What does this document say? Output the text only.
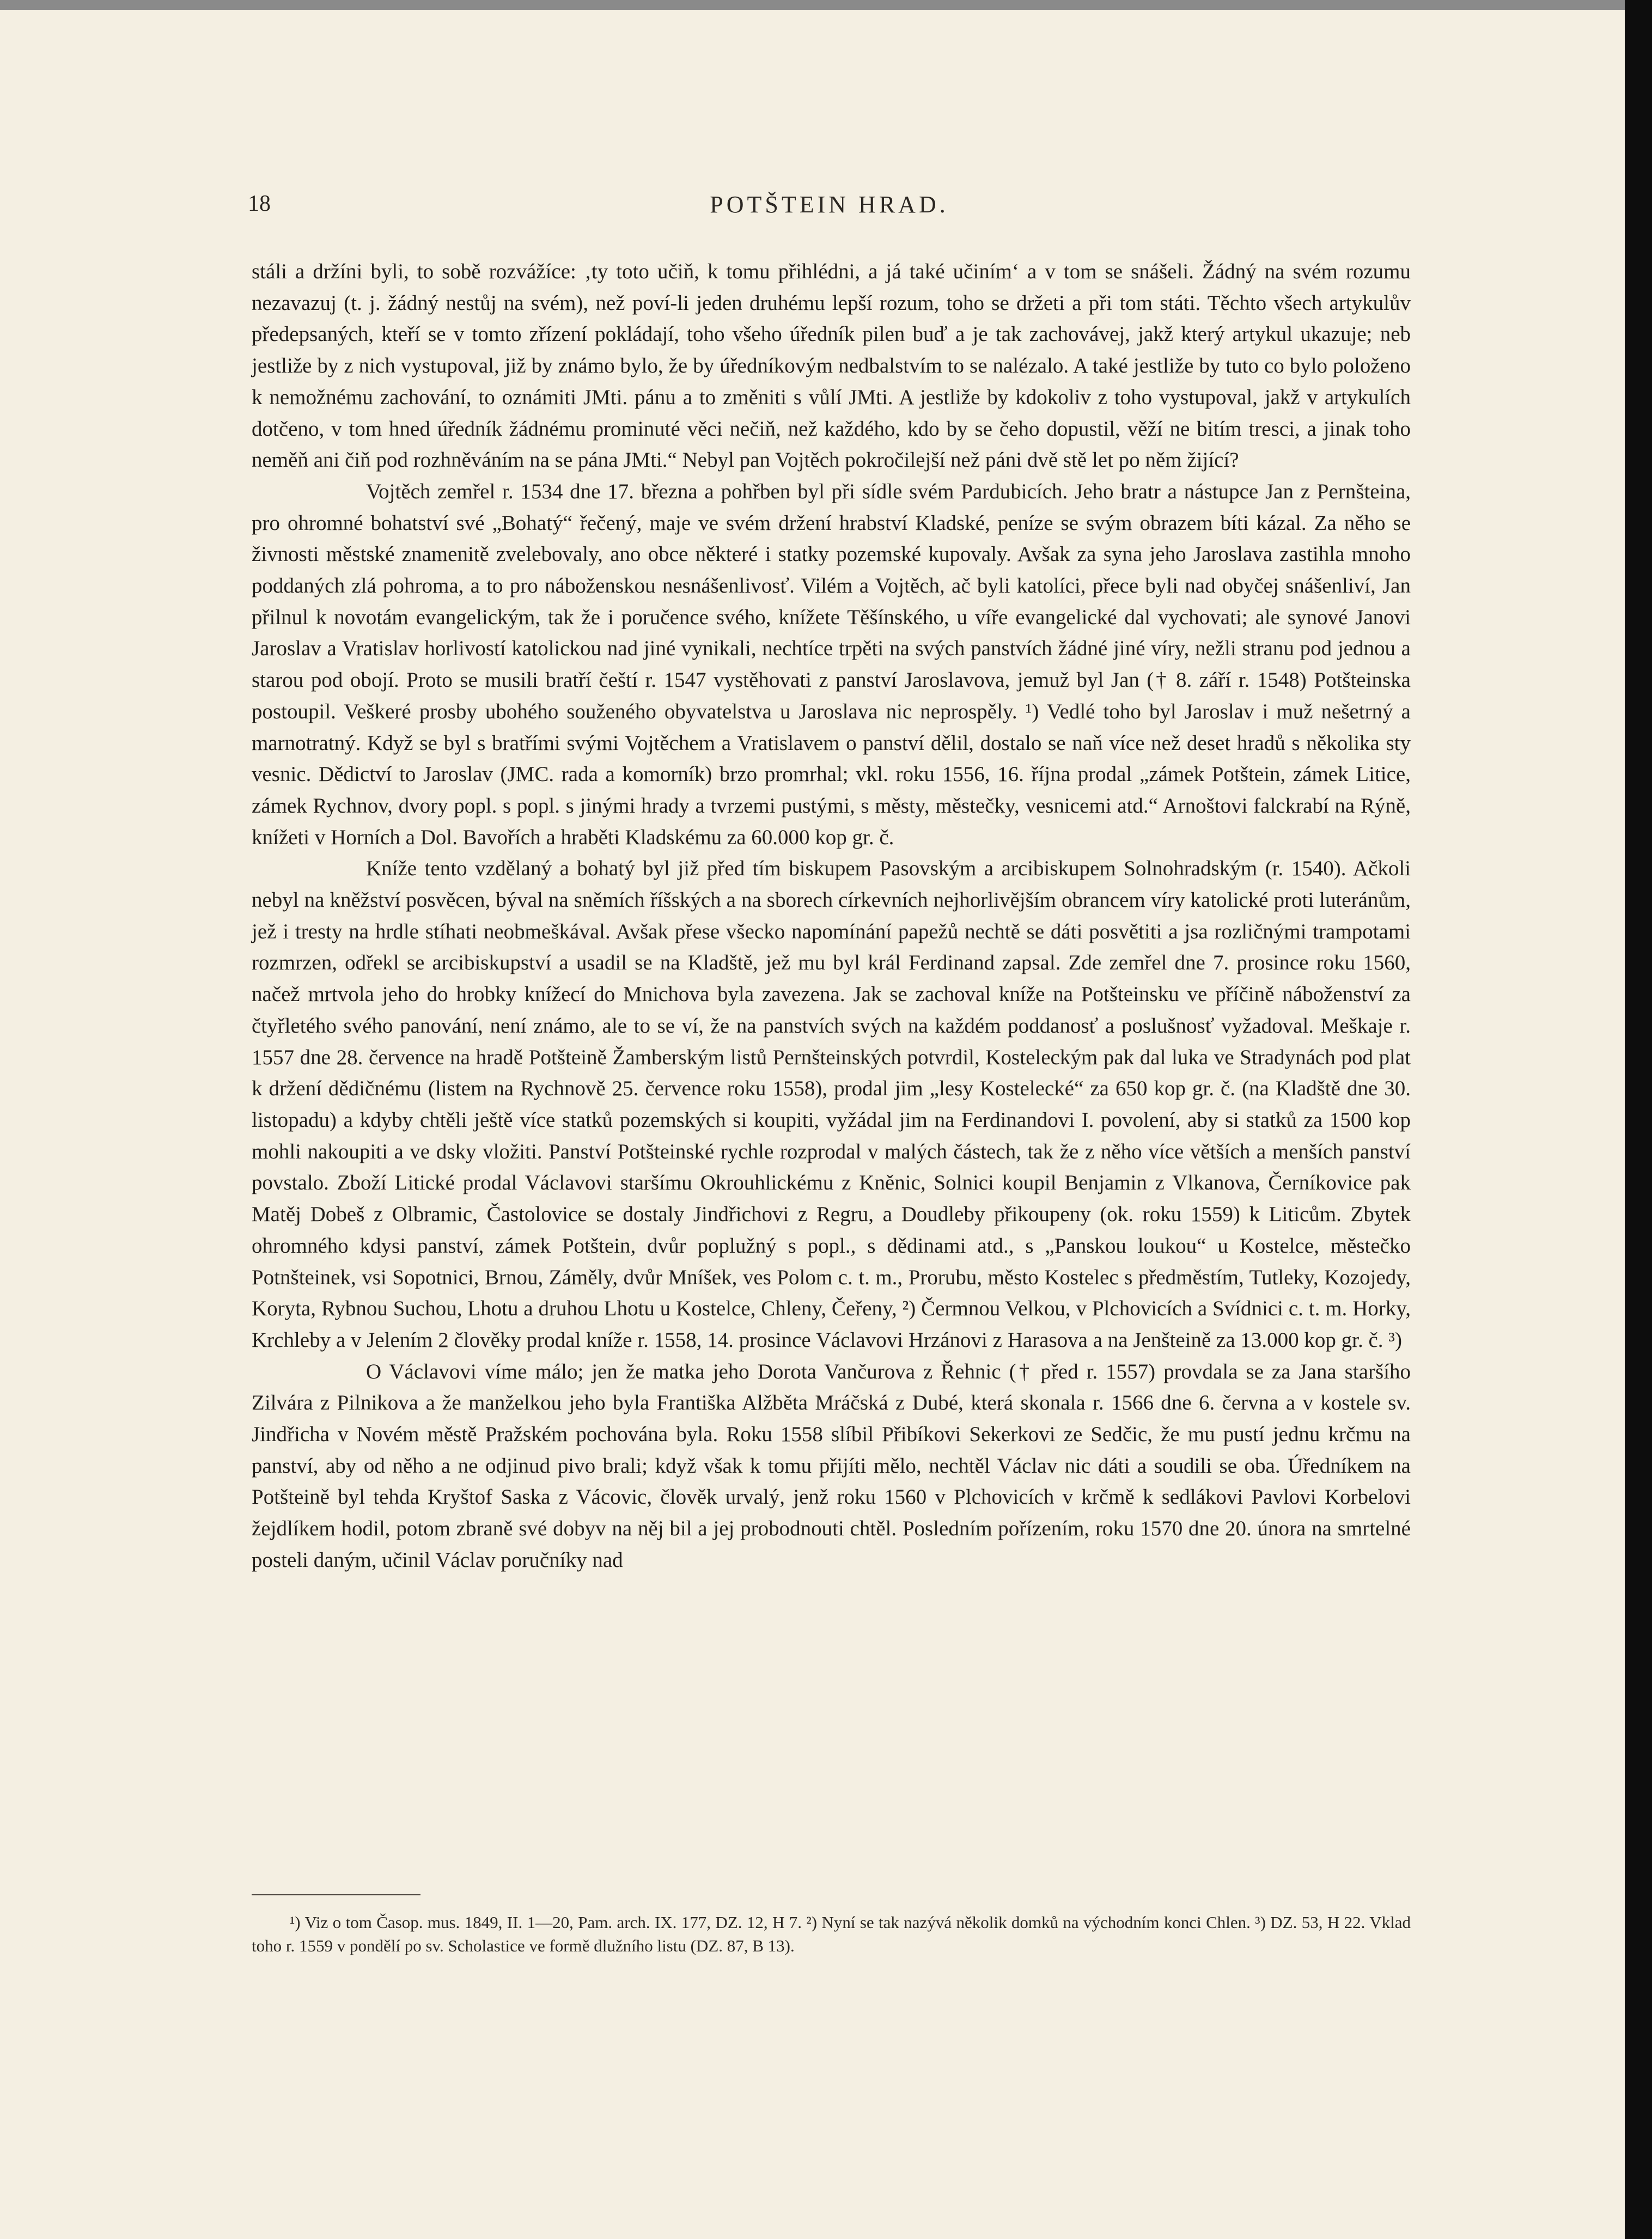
18	POTŠTEIN HRAD.

stáli a držíni byli, to sobě rozvážíce: ‚ty toto učiň, k tomu přihlédni, a já také učiním‘ a v tom se snášeli. Žádný na svém rozumu nezavazuj (t. j. žádný nestůj na svém), než poví-li jeden druhému lepší rozum, toho se držeti a při tom státi. Těchto všech artykulův předepsaných, kteří se v tomto zřízení pokládají, toho všeho úředník pilen buď a je tak zachovávej, jakž který artykul ukazuje; neb jestliže by z nich vystupoval, již by známo bylo, že by úředníkovým nedbalstvím to se nalézalo. A také jestliže by tuto co bylo položeno k nemožnému zachování, to oznámiti JMti. pánu a to změniti s vůlí JMti. A jestliže by kdokoliv z toho vystupoval, jakž v artykulích dotčeno, v tom hned úředník žádnému prominuté věci nečiň, než každého, kdo by se čeho dopustil, věží ne bitím tresci, a jinak toho neměň ani čiň pod rozhněváním na se pána JMti.“ Nebyl pan Vojtěch pokročilejší než páni dvě stě let po něm žijící?

Vojtěch zemřel r. 1534 dne 17. března a pohřben byl při sídle svém Pardubicích. Jeho bratr a nástupce Jan z Pernšteina, pro ohromné bohatství své „Bohatý“ řečený, maje ve svém držení hrabství Kladské, peníze se svým obrazem bíti kázal. Za něho se živnosti městské znamenitě zvelebovaly, ano obce některé i statky pozemské kupovaly. Avšak za syna jeho Jaroslava zastihla mnoho poddaných zlá pohroma, a to pro náboženskou nesnášenlivosť. Vilém a Vojtěch, ač byli katolíci, přece byli nad obyčej snášenliví, Jan přilnul k novotám evangelickým, tak že i poručence svého, knížete Těšínského, u víře evangelické dal vychovati; ale synové Janovi Jaroslav a Vratislav horlivostí katolickou nad jiné vynikali, nechtíce trpěti na svých panstvích žádné jiné víry, nežli stranu pod jednou a starou pod obojí. Proto se musili bratří čeští r. 1547 vystěhovati z panství Jaroslavova, jemuž byl Jan († 8. září r. 1548) Potšteinska postoupil. Veškeré prosby ubohého souženého obyvatelstva u Jaroslava nic neprospěly. ¹) Vedlé toho byl Jaroslav i muž nešetrný a marnotratný. Když se byl s bratřími svými Vojtěchem a Vratislavem o panství dělil, dostalo se naň více než deset hradů s několika sty vesnic. Dědictví to Jaroslav (JMC. rada a komorník) brzo promrhal; vkl. roku 1556, 16. října prodal „zámek Potštein, zámek Litice, zámek Rychnov, dvory popl. s popl. s jinými hrady a tvrzemi pustými, s městy, městečky, vesnicemi atd.“ Arnoštovi falckrabí na Rýně, knížeti v Horních a Dol. Bavořích a hraběti Kladskému za 60.000 kop gr. č.

Kníže tento vzdělaný a bohatý byl již před tím biskupem Pasovským a arcibiskupem Solnohradským (r. 1540). Ačkoli nebyl na kněžství posvěcen, býval na sněmích říšských a na sborech církevních nejhorlivějším obrancem víry katolické proti luteránům, jež i tresty na hrdle stíhati neobmeškával. Avšak přese všecko napomínání papežů nechtě se dáti posvětiti a jsa rozličnými trampotami rozmrzen, odřekl se arcibiskupství a usadil se na Kladště, jež mu byl král Ferdinand zapsal. Zde zemřel dne 7. prosince roku 1560, načež mrtvola jeho do hrobky knížecí do Mnichova byla zavezena. Jak se zachoval kníže na Potšteinsku ve příčině náboženství za čtyřletého svého panování, není známo, ale to se ví, že na panstvích svých na každém poddanosť a poslušnosť vyžadoval. Meškaje r. 1557 dne 28. července na hradě Potšteině Žamberským listů Pernšteinských potvrdil, Kosteleckým pak dal luka ve Stradynách pod plat k držení dědičnému (listem na Rychnově 25. července roku 1558), prodal jim „lesy Kostelecké“ za 650 kop gr. č. (na Kladště dne 30. listopadu) a kdyby chtěli ještě více statků pozemských si koupiti, vyžádal jim na Ferdinandovi I. povolení, aby si statků za 1500 kop mohli nakoupiti a ve dsky vložiti. Panství Potšteinské rychle rozprodal v malých částech, tak že z něho více větších a menších panství povstalo. Zboží Litické prodal Václavovi staršímu Okrouhlickému z Kněnic, Solnici koupil Benjamin z Vlkanova, Černíkovice pak Matěj Dobeš z Olbramic, Častolovice se dostaly Jindřichovi z Regru, a Doudleby přikoupeny (ok. roku 1559) k Liticům. Zbytek ohromného kdysi panství, zámek Potštein, dvůr poplužný s popl., s dědinami atd., s „Panskou loukou“ u Kostelce, městečko Potnšteinek, vsi Sopotnici, Brnou, Záměly, dvůr Mníšek, ves Polom c. t. m., Prorubu, město Kostelec s předměstím, Tutleky, Kozojedy, Koryta, Rybnou Suchou, Lhotu a druhou Lhotu u Kostelce, Chleny, Čeřeny, ²) Čermnou Velkou, v Plchovicích a Svídnici c. t. m. Horky, Krchleby a v Jelením 2 člověky prodal kníže r. 1558, 14. prosince Václavovi Hrzánovi z Harasova a na Jenšteině za 13.000 kop gr. č. ³)

O Václavovi víme málo; jen že matka jeho Dorota Vančurova z Řehnic († před r. 1557) provdala se za Jana staršího Zilvára z Pilnikova a že manželkou jeho byla Františka Alžběta Mráčská z Dubé, která skonala r. 1566 dne 6. června a v kostele sv. Jindřicha v Novém městě Pražském pochována byla. Roku 1558 slíbil Přibíkovi Sekerkovi ze Sedčic, že mu pustí jednu krčmu na panství, aby od něho a ne odjinud pivo brali; když však k tomu přijíti mělo, nechtěl Václav nic dáti a soudili se oba. Úředníkem na Potšteině byl tehda Kryštof Saska z Vácovic, člověk urvalý, jenž roku 1560 v Plchovicích v krčmě k sedlákovi Pavlovi Korbelovi žejdlíkem hodil, potom zbraně své dobyv na něj bil a jej probodnouti chtěl. Posledním pořízením, roku 1570 dne 20. února na smrtelné posteli daným, učinil Václav poručníky nad

¹) Viz o tom Časop. mus. 1849, II. 1—20, Pam. arch. IX. 177, DZ. 12, H 7. ²) Nyní se tak nazývá několik domků na východním konci Chlen. ³) DZ. 53, H 22. Vklad toho r. 1559 v pondělí po sv. Scholastice ve formě dlužního listu (DZ. 87, B 13).
